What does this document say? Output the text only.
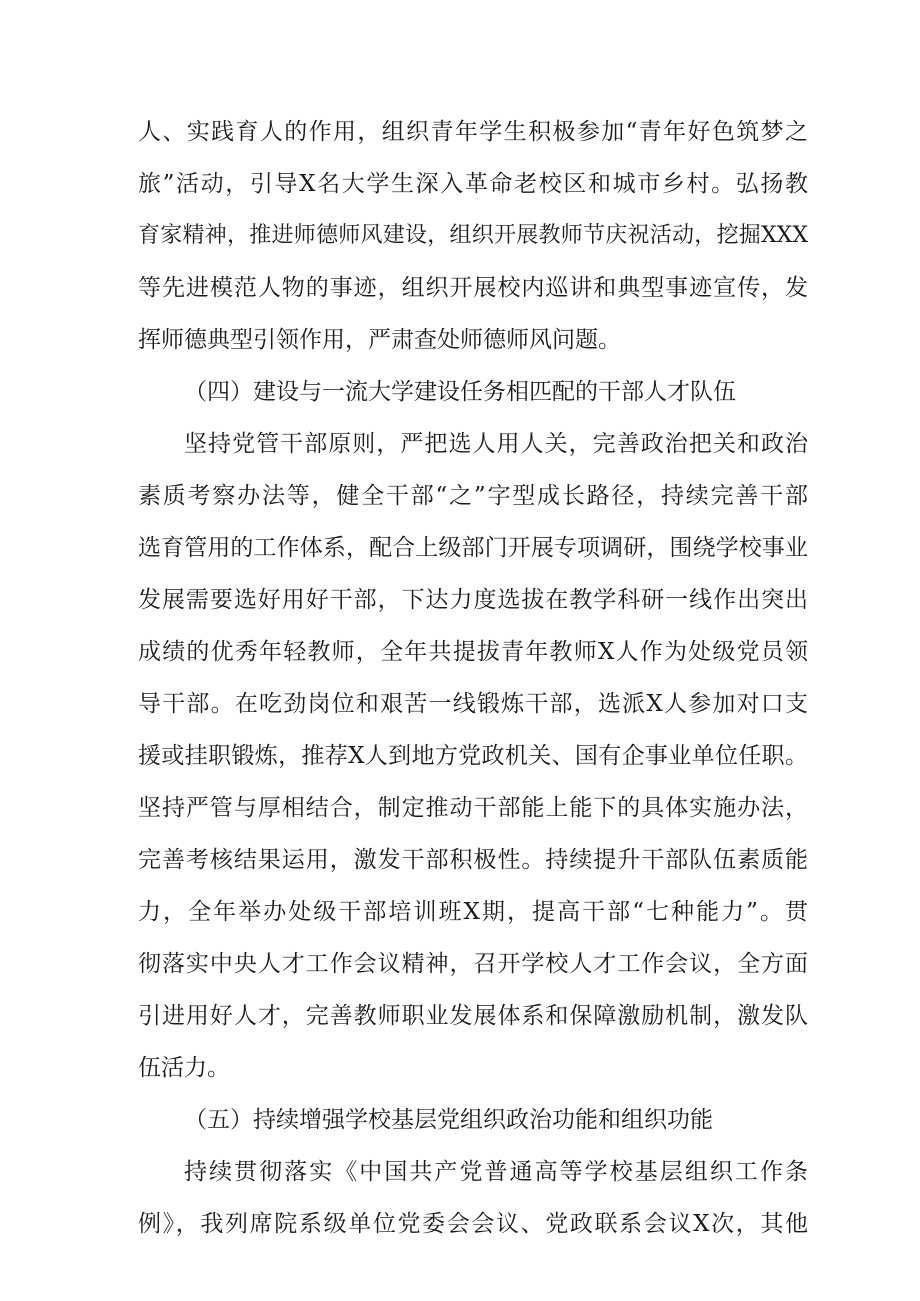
人、实践育人的作用，组织青年学生积极参加“青年好色筑梦之
旅”活动，引导X名大学生深入革命老校区和城市乡村。弘扬教
育家精神，推进师德师风建设，组织开展教师节庆祝活动，挖掘XXX
等先进模范人物的事迹，组织开展校内巡讲和典型事迹宣传，发
挥师德典型引领作用，严肃查处师德师风问题。
（四）建设与一流大学建设任务相匹配的干部人才队伍
坚持党管干部原则，严把选人用人关，完善政治把关和政治
素质考察办法等，健全干部“之”字型成长路径，持续完善干部
选育管用的工作体系，配合上级部门开展专项调研，围绕学校事业
发展需要选好用好干部，下达力度选拔在教学科研一线作出突出
成绩的优秀年轻教师，全年共提拔青年教师X人作为处级党员领
导干部。在吃劲岗位和艰苦一线锻炼干部，选派X人参加对口支
援或挂职锻炼，推荐X人到地方党政机关、国有企事业单位任职。
坚持严管与厚相结合，制定推动干部能上能下的具体实施办法，
完善考核结果运用，激发干部积极性。持续提升干部队伍素质能
力，全年举办处级干部培训班X期，提高干部“七种能力”。贯
彻落实中央人才工作会议精神，召开学校人才工作会议，全方面
引进用好人才，完善教师职业发展体系和保障激励机制，激发队
伍活力。
（五）持续增强学校基层党组织政治功能和组织功能
持续贯彻落实《中国共产党普通高等学校基层组织工作条
例》，我列席院系级单位党委会会议、党政联系会议X次，其他
